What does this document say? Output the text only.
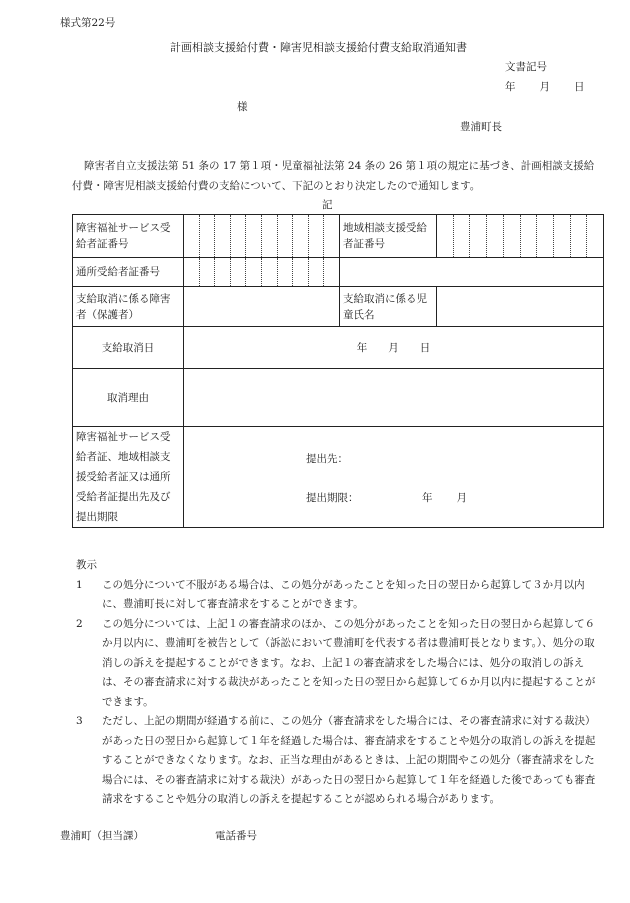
様式第22号
計画相談支援給付費・障害児相談支援給付費支給取消通知書
文書記号
年　　月　　日
様
豊浦町長
障害者自立支援法第 51 条の 17 第１項・児童福祉法第 24 条の 26 第１項の規定に基づき、計画相談支援給付費・障害児相談支援給付費の支給について、下記のとおり決定したので通知します。
記
障害福祉サービス受給者証番号		地域相談支援受給者証番号	

通所受給者証番号		

支給取消に係る障害者（保護者）		支給取消に係る児童氏名	
支給取消日	年　　月　　日		
取消理由			
障害福祉サービス受給者証、地域相談支援受給者証又は通所受給者証提出先及び提出期限	提出先：
提出期限： 年　　月		
教示
1	この処分について不服がある場合は、この処分があったことを知った日の翌日から起算して３か月以内に、豊浦町長に対して審査請求をすることができます。
2	この処分については、上記１の審査請求のほか、この処分があったことを知った日の翌日から起算して６か月以内に、豊浦町を被告として（訴訟において豊浦町を代表する者は豊浦町長となります。）、処分の取消しの訴えを提起することができます。なお、上記１の審査請求をした場合には、処分の取消しの訴えは、その審査請求に対する裁決があったことを知った日の翌日から起算して６か月以内に提起することができます。
3	ただし、上記の期間が経過する前に、この処分（審査請求をした場合には、その審査請求に対する裁決）があった日の翌日から起算して１年を経過した場合は、審査請求をすることや処分の取消しの訴えを提起することができなくなります。なお、正当な理由があるときは、上記の期間やこの処分（審査請求をした場合には、その審査請求に対する裁決）があった日の翌日から起算して１年を経過した後であっても審査請求をすることや処分の取消しの訴えを提起することが認められる場合があります。
豊浦町（担当課）	電話番号
